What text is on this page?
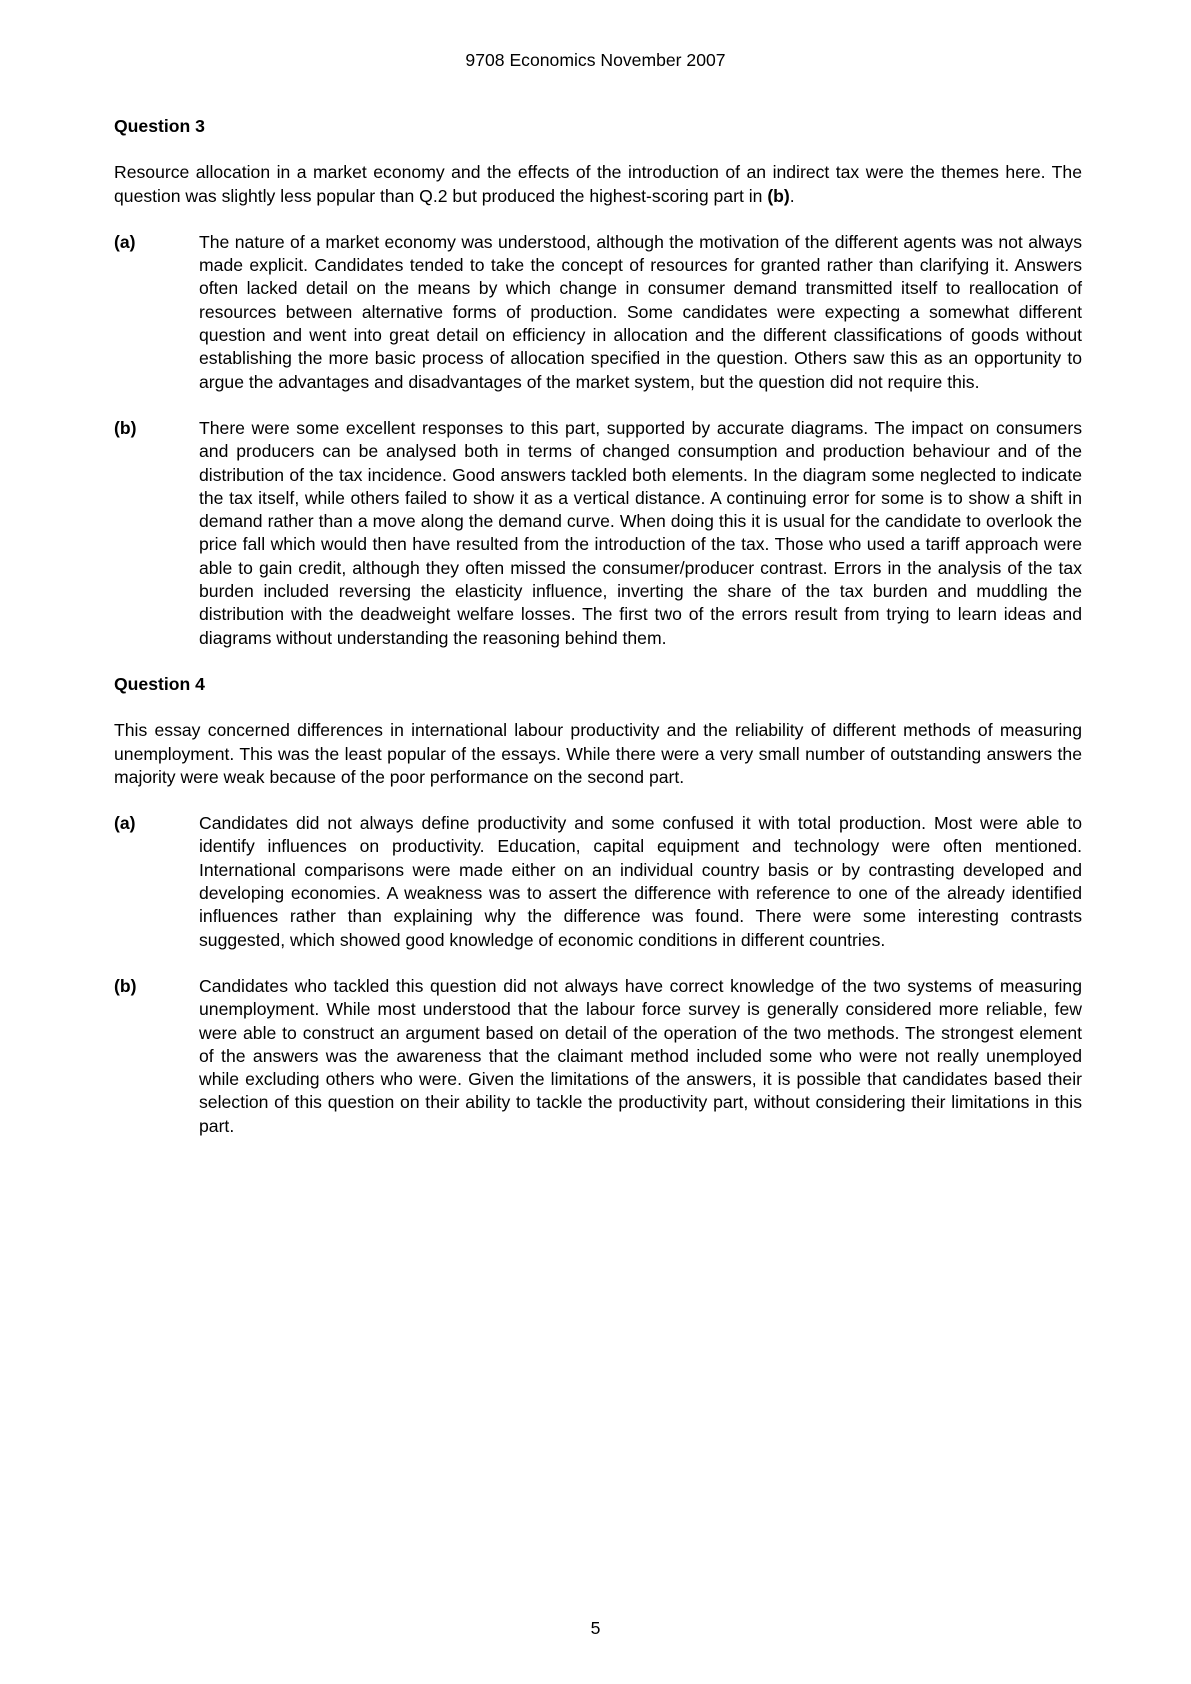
9708 Economics November 2007

Question 3

Resource allocation in a market economy and the effects of the introduction of an indirect tax were the themes here. The question was slightly less popular than Q.2 but produced the highest-scoring part in (b).

(a)	The nature of a market economy was understood, although the motivation of the different agents was not always made explicit. Candidates tended to take the concept of resources for granted rather than clarifying it. Answers often lacked detail on the means by which change in consumer demand transmitted itself to reallocation of resources between alternative forms of production. Some candidates were expecting a somewhat different question and went into great detail on efficiency in allocation and the different classifications of goods without establishing the more basic process of allocation specified in the question. Others saw this as an opportunity to argue the advantages and disadvantages of the market system, but the question did not require this.

(b)	There were some excellent responses to this part, supported by accurate diagrams. The impact on consumers and producers can be analysed both in terms of changed consumption and production behaviour and of the distribution of the tax incidence. Good answers tackled both elements. In the diagram some neglected to indicate the tax itself, while others failed to show it as a vertical distance. A continuing error for some is to show a shift in demand rather than a move along the demand curve. When doing this it is usual for the candidate to overlook the price fall which would then have resulted from the introduction of the tax. Those who used a tariff approach were able to gain credit, although they often missed the consumer/producer contrast. Errors in the analysis of the tax burden included reversing the elasticity influence, inverting the share of the tax burden and muddling the distribution with the deadweight welfare losses. The first two of the errors result from trying to learn ideas and diagrams without understanding the reasoning behind them.

Question 4

This essay concerned differences in international labour productivity and the reliability of different methods of measuring unemployment. This was the least popular of the essays. While there were a very small number of outstanding answers the majority were weak because of the poor performance on the second part.

(a)	Candidates did not always define productivity and some confused it with total production. Most were able to identify influences on productivity. Education, capital equipment and technology were often mentioned. International comparisons were made either on an individual country basis or by contrasting developed and developing economies. A weakness was to assert the difference with reference to one of the already identified influences rather than explaining why the difference was found. There were some interesting contrasts suggested, which showed good knowledge of economic conditions in different countries.

(b)	Candidates who tackled this question did not always have correct knowledge of the two systems of measuring unemployment. While most understood that the labour force survey is generally considered more reliable, few were able to construct an argument based on detail of the operation of the two methods. The strongest element of the answers was the awareness that the claimant method included some who were not really unemployed while excluding others who were. Given the limitations of the answers, it is possible that candidates based their selection of this question on their ability to tackle the productivity part, without considering their limitations in this part.

5
